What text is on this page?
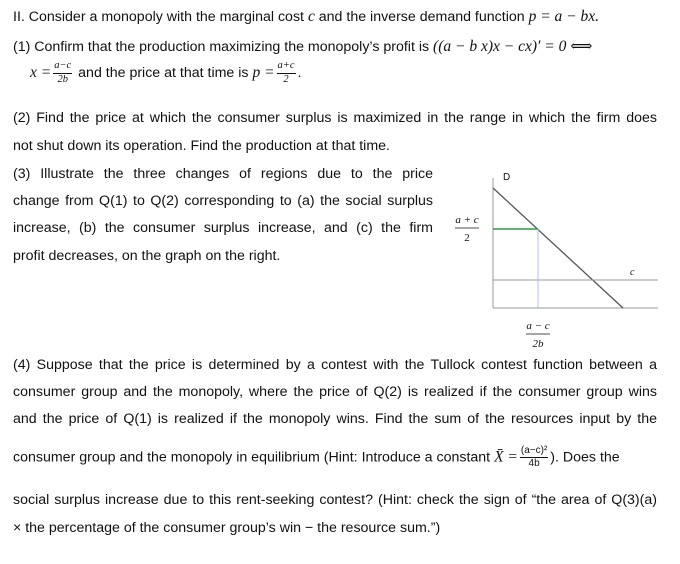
II. Consider a monopoly with the marginal cost c and the inverse demand function p = a − bx.
(1) Confirm that the production maximizing the monopoly’s profit is ((a − b x)x − cx)′ = 0 ⟺
$x = \frac{a-c}{2b}$ and the price at that time is $p = \frac{a+c}{2}$ .
(2) Find the price at which the consumer surplus is maximized in the range in which the firm does
not shut down its operation. Find the production at that time.
(3) Illustrate the three changes of regions due to the price
change from Q(1) to Q(2) corresponding to (a) the social surplus
increase, (b) the consumer surplus increase, and (c) the firm
profit decreases, on the graph on the right.
D
a + c
2
c
a − c
2b
(4) Suppose that the price is determined by a contest with the Tullock contest function between a
consumer group and the monopoly, where the price of Q(2) is realized if the consumer group wins
and the price of Q(1) is realized if the monopoly wins. Find the sum of the resources input by the
consumer group and the monopoly in equilibrium (Hint: Introduce a constant X̄ = $\frac{\text{(a−c)²}}{4b}$ ). Does the
social surplus increase due to this rent-seeking contest? (Hint: check the sign of “the area of Q(3)(a)
× the percentage of the consumer group’s win − the resource sum.”)
